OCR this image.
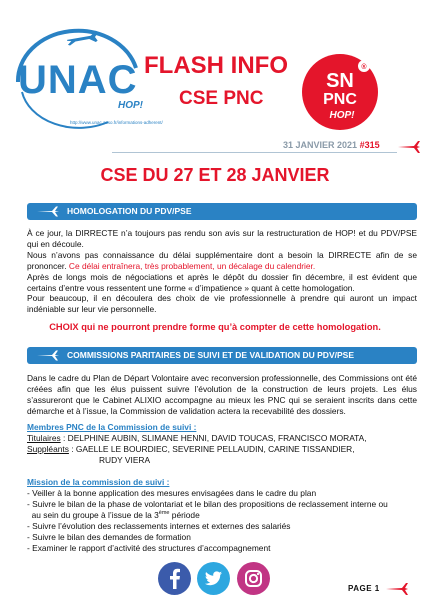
UNAC
HOP!
http://www.unac.asso.fr/informations-adherent/
FLASH INFO
CSE PNC
®
SN
PNC
HOP!
31 JANVIER 2021 #315
CSE DU 27 ET 28 JANVIER
HOMOLOGATION DU PDV/PSE
À ce jour, la DIRRECTE n’a toujours pas rendu son avis sur la restructuration de HOP! et du PDV/PSE qui en découle.
Nous n’avons pas connaissance du délai supplémentaire dont a besoin la DIRRECTE afin de se prononcer. Ce délai entraînera, très probablement, un décalage du calendrier.
Après de longs mois de négociations et après le dépôt du dossier fin décembre, il est évident que certains d’entre vous ressentent une forme « d’impatience » quant à cette homologation.
Pour beaucoup, il en découlera des choix de vie professionnelle à prendre qui auront un impact indéniable sur leur vie personnelle.
CHOIX qui ne pourront prendre forme qu’à compter de cette homologation.
COMMISSIONS PARITAIRES DE SUIVI ET DE VALIDATION DU PDV/PSE
Dans le cadre du Plan de Départ Volontaire avec reconversion professionnelle, des Commissions ont été créées afin que les élus puissent suivre l’évolution de la construction de leurs projets. Les élus s’assureront que le Cabinet ALIXIO accompagne au mieux les PNC qui se seraient inscrits dans cette démarche et à l’issue, la Commission de validation actera la recevabilité des dossiers.
Membres PNC de la Commission de suivi :
Titulaires : DELPHINE AUBIN, SLIMANE HENNI, DAVID TOUCAS, FRANCISCO MORATA,
Suppléants : GAELLE LE BOURDIEC, SEVERINE PELLAUDIN, CARINE TISSANDIER,
RUDY VIERA
Mission de la commission de suivi :
- Veiller à la bonne application des mesures envisagées dans le cadre du plan
- Suivre le bilan de la phase de volontariat et le bilan des propositions de reclassement interne ou
au sein du groupe à l’issue de la 3ème période
- Suivre l’évolution des reclassements internes et externes des salariés
- Suivre le bilan des demandes de formation
- Examiner le rapport d’activité des structures d’accompagnement
PAGE 1
